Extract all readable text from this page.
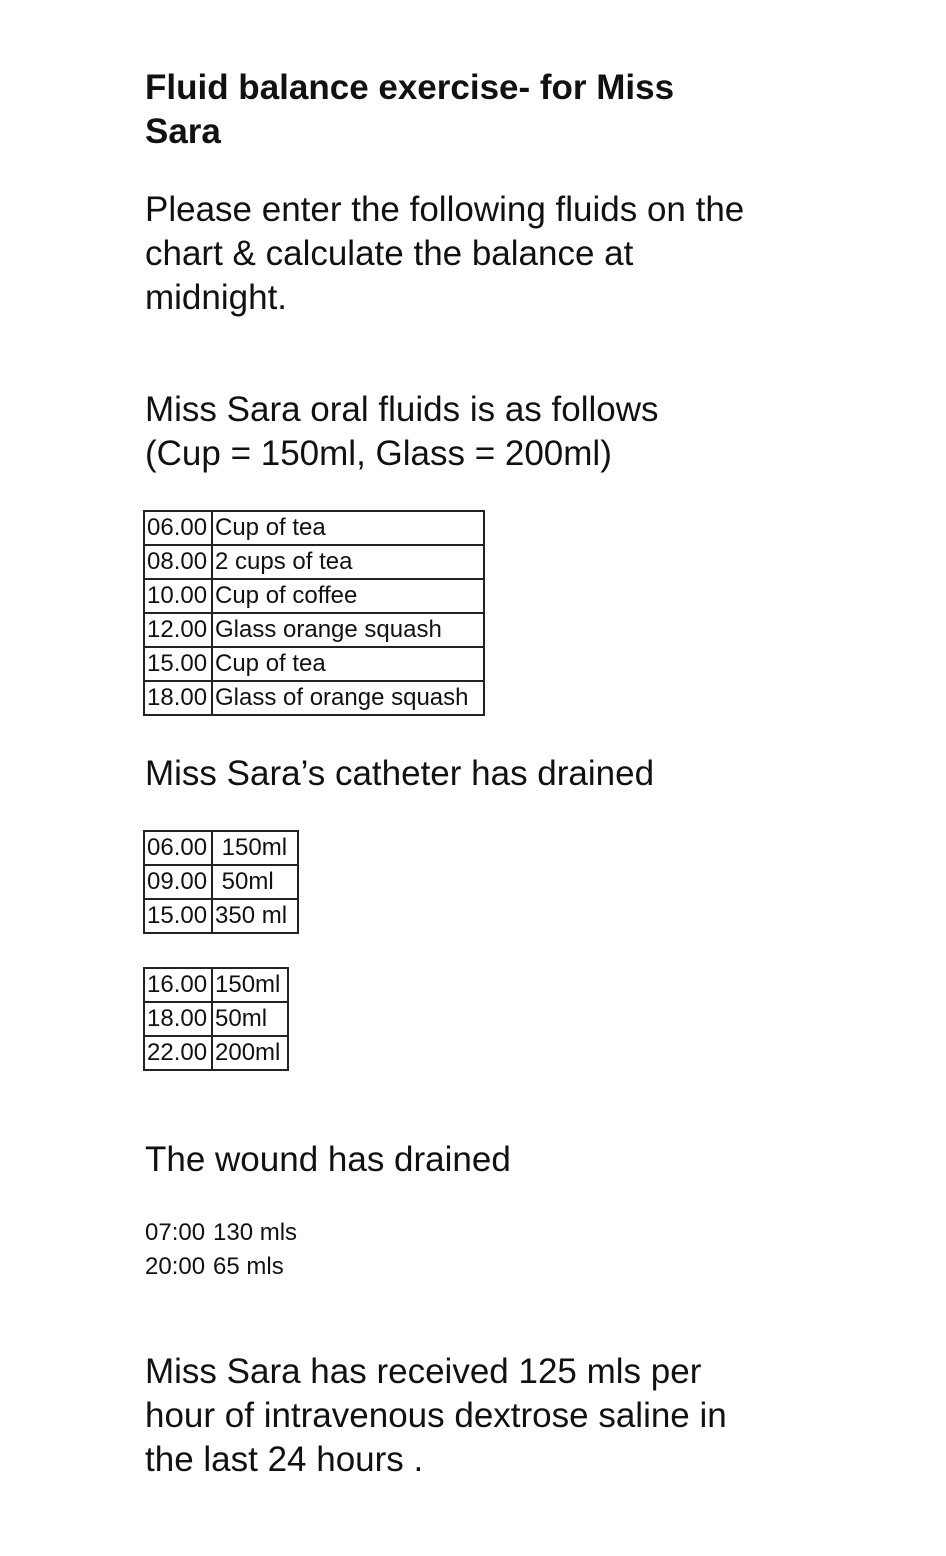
Fluid balance exercise- for Miss
Sara

Please enter the following fluids on the
chart & calculate the balance at
midnight.

Miss Sara oral fluids is as follows
(Cup = 150ml, Glass = 200ml)

06.00	Cup of tea
08.00	2 cups of tea
10.00	Cup of coffee
12.00	Glass orange squash
15.00	Cup of tea
18.00	Glass of orange squash

Miss Sara’s catheter has drained

06.00	150ml
09.00	50ml
15.00	350 ml
16.00	150ml
18.00	50ml
22.00	200ml

The wound has drained

07:00 130 mls
20:00 65 mls

Miss Sara has received 125 mls per
hour of intravenous dextrose saline in
the last 24 hours .
